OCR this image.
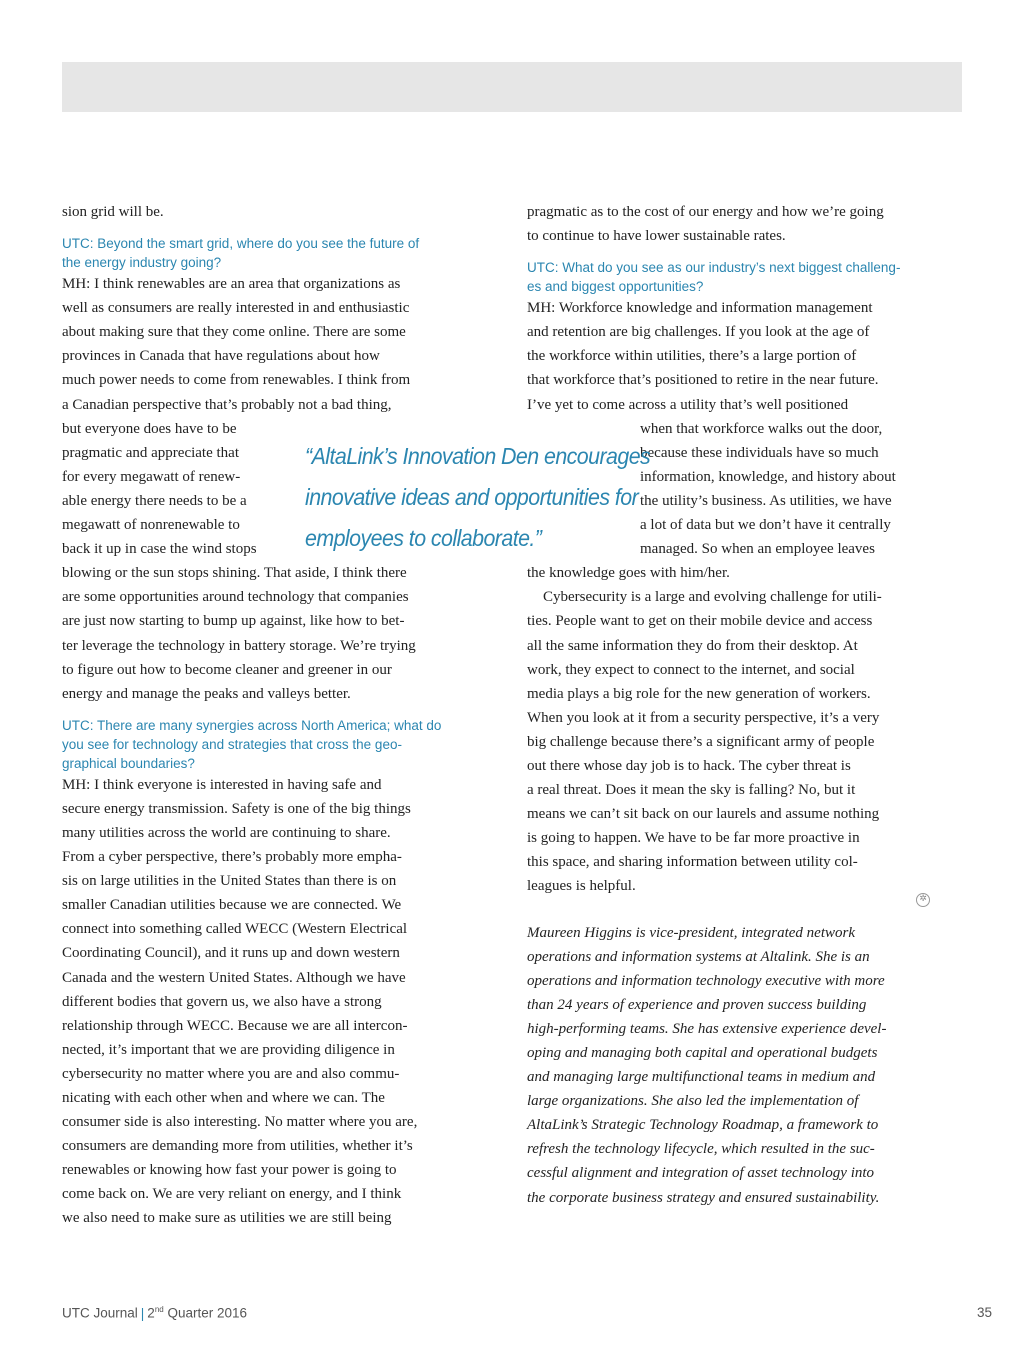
sion grid will be.
UTC: Beyond the smart grid, where do you see the future of
the energy industry going?
MH: I think renewables are an area that organizations as
well as consumers are really interested in and enthusiastic
about making sure that they come online. There are some
provinces in Canada that have regulations about how
much power needs to come from renewables. I think from
a Canadian perspective that’s probably not a bad thing,
but everyone does have to be
pragmatic and appreciate that
for every megawatt of renew-
able energy there needs to be a
megawatt of nonrenewable to
back it up in case the wind stops
blowing or the sun stops shining. That aside, I think there
are some opportunities around technology that companies
are just now starting to bump up against, like how to bet-
ter leverage the technology in battery storage. We’re trying
to figure out how to become cleaner and greener in our
energy and manage the peaks and valleys better.
UTC: There are many synergies across North America; what do
you see for technology and strategies that cross the geo-
graphical boundaries?
MH: I think everyone is interested in having safe and
secure energy transmission. Safety is one of the big things
many utilities across the world are continuing to share.
From a cyber perspective, there’s probably more empha-
sis on large utilities in the United States than there is on
smaller Canadian utilities because we are connected. We
connect into something called WECC (Western Electrical
Coordinating Council), and it runs up and down western
Canada and the western United States. Although we have
different bodies that govern us, we also have a strong
relationship through WECC. Because we are all intercon-
nected, it’s important that we are providing diligence in
cybersecurity no matter where you are and also commu-
nicating with each other when and where we can. The
consumer side is also interesting. No matter where you are,
consumers are demanding more from utilities, whether it’s
renewables or knowing how fast your power is going to
come back on. We are very reliant on energy, and I think
we also need to make sure as utilities we are still being
pragmatic as to the cost of our energy and how we’re going
to continue to have lower sustainable rates.
UTC: What do you see as our industry’s next biggest challeng-
es and biggest opportunities?
MH: Workforce knowledge and information management
and retention are big challenges. If you look at the age of
the workforce within utilities, there’s a large portion of
that workforce that’s positioned to retire in the near future.
I’ve yet to come across a utility that’s well positioned
when that workforce walks out the door,
because these individuals have so much
information, knowledge, and history about
the utility’s business. As utilities, we have
a lot of data but we don’t have it centrally
managed. So when an employee leaves
the knowledge goes with him/her.
Cybersecurity is a large and evolving challenge for utili-
ties. People want to get on their mobile device and access
all the same information they do from their desktop. At
work, they expect to connect to the internet, and social
media plays a big role for the new generation of workers.
When you look at it from a security perspective, it’s a very
big challenge because there’s a significant army of people
out there whose day job is to hack. The cyber threat is
a real threat. Does it mean the sky is falling? No, but it
means we can’t sit back on our laurels and assume nothing
is going to happen. We have to be far more proactive in
this space, and sharing information between utility col-
leagues is helpful.
Maureen Higgins is vice-president, integrated network
operations and information systems at Altalink. She is an
operations and information technology executive with more
than 24 years of experience and proven success building
high-performing teams. She has extensive experience devel-
oping and managing both capital and operational budgets
and managing large multifunctional teams in medium and
large organizations. She also led the implementation of
AltaLink’s Strategic Technology Roadmap, a framework to
refresh the technology lifecycle, which resulted in the suc-
cessful alignment and integration of asset technology into
the corporate business strategy and ensured sustainability.
“AltaLink’s Innovation Den encourages
innovative ideas and opportunities for
employees to collaborate.”
✲
UTC Journal | 2nd Quarter 2016	35
